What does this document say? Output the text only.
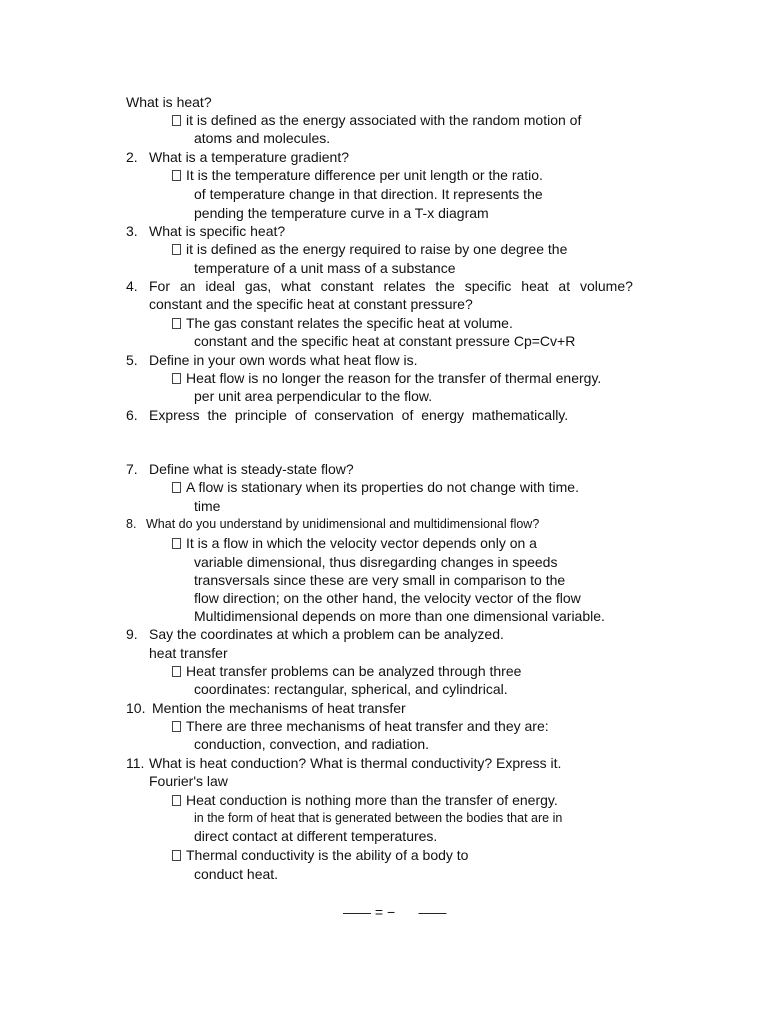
What is heat?
it is defined as the energy associated with the random motion of
atoms and molecules.
2. What is a temperature gradient?
It is the temperature difference per unit length or the ratio.
of temperature change in that direction. It represents the
pending the temperature curve in a T-x diagram
3. What is specific heat?
it is defined as the energy required to raise by one degree the
temperature of a unit mass of a substance
4. For an ideal gas, what constant relates the specific heat at volume?
constant and the specific heat at constant pressure?
The gas constant relates the specific heat at volume.
constant and the specific heat at constant pressure Cp=Cv+R
5. Define in your own words what heat flow is.
Heat flow is no longer the reason for the transfer of thermal energy.
per unit area perpendicular to the flow.
6. Express the principle of conservation of energy mathematically.
7. Define what is steady-state flow?
A flow is stationary when its properties do not change with time.
time
8. What do you understand by unidimensional and multidimensional flow?
It is a flow in which the velocity vector depends only on a
variable dimensional, thus disregarding changes in speeds
transversals since these are very small in comparison to the
flow direction; on the other hand, the velocity vector of the flow
Multidimensional depends on more than one dimensional variable.
9. Say the coordinates at which a problem can be analyzed.
heat transfer
Heat transfer problems can be analyzed through three
coordinates: rectangular, spherical, and cylindrical.
10. Mention the mechanisms of heat transfer
There are three mechanisms of heat transfer and they are:
conduction, convection, and radiation.
11. What is heat conduction? What is thermal conductivity? Express it.
Fourier's law
Heat conduction is nothing more than the transfer of energy.
in the form of heat that is generated between the bodies that are in
direct contact at different temperatures.
Thermal conductivity is the ability of a body to
conduct heat.
—— = −      ——
